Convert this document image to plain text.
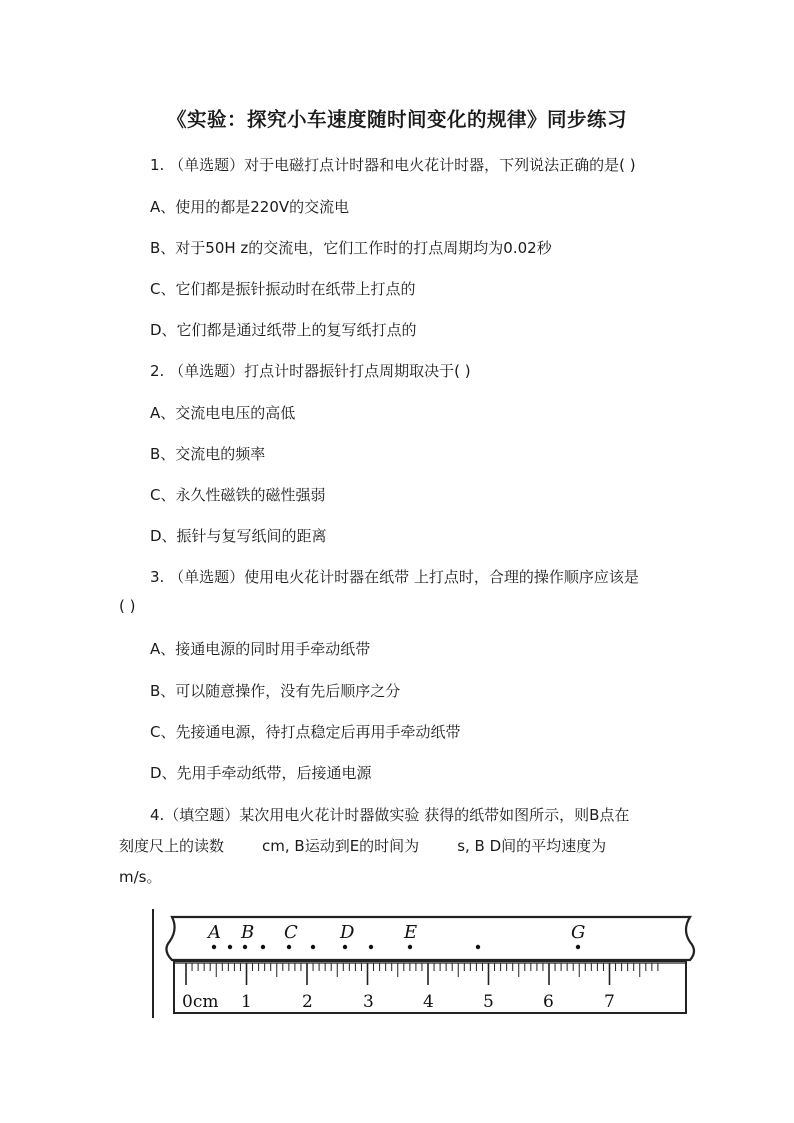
《实验：探究小车速度随时间变化的规律》同步练习
1. （单选题）对于电磁打点计时器和电火花计时器，下列说法正确的是( )
A、使用的都是220V的交流电
B、对于50H z的交流电，它们工作时的打点周期均为0.02秒
C、它们都是振针振动时在纸带上打点的
D、它们都是通过纸带上的复写纸打点的
2. （单选题）打点计时器振针打点周期取决于( )
A、交流电电压的高低
B、交流电的频率
C、永久性磁铁的磁性强弱
D、振针与复写纸间的距离
3. （单选题）使用电火花计时器在纸带 上打点时，合理的操作顺序应该是
( )
A、接通电源的同时用手牵动纸带
B、可以随意操作，没有先后顺序之分
C、先接通电源，待打点稳定后再用手牵动纸带
D、先用手牵动纸带，后接通电源
4.（填空题）某次用电火花计时器做实验 获得的纸带如图所示，则B点在
刻度尺上的读数	cm, B运动到E的时间为	s, B D间的平均速度为
m/s。
A B C D	E	G
0cm 1	2	3	4	5	6	7
